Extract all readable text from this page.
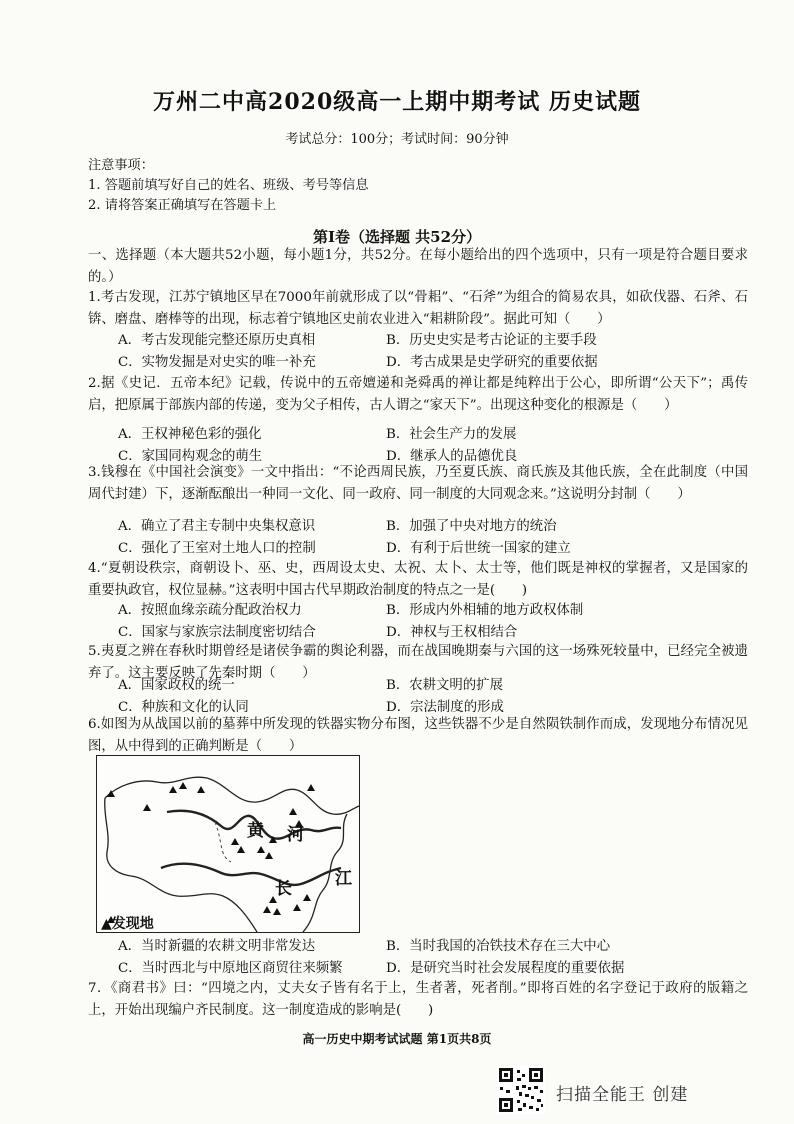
万州二中高2020级高一上期中期考试 历史试题
考试总分：100分；考试时间：90分钟
注意事项：
1. 答题前填写好自己的姓名、班级、考号等信息
2. 请将答案正确填写在答题卡上
第Ⅰ卷（选择题 共52分）
一、选择题（本大题共52小题，每小题1分，共52分。在每小题给出的四个选项中，只有一项是符合题目要求的。）
1.考古发现，江苏宁镇地区早在7000年前就形成了以“骨耜”、“石斧”为组合的简易农具，如砍伐器、石斧、石锛、磨盘、磨棒等的出现，标志着宁镇地区史前农业进入“耜耕阶段”。据此可知（　　）
A．考古发现能完整还原历史真相	B．历史史实是考古论证的主要手段
C．实物发掘是对史实的唯一补充	D．考古成果是史学研究的重要依据
2.据《史记．五帝本纪》记载，传说中的五帝嬗递和尧舜禹的禅让都是纯粹出于公心，即所谓“公天下”；禹传启，把原属于部族内部的传递，变为父子相传，古人谓之“家天下”。出现这种变化的根源是（　　）
A．王权神秘色彩的强化	B．社会生产力的发展
C．家国同构观念的萌生	D．继承人的品德优良
3.钱穆在《中国社会演变》一文中指出：“不论西周民族，乃至夏氏族、商氏族及其他氏族，全在此制度（中国周代封建）下，逐渐酝酿出一种同一文化、同一政府、同一制度的大同观念来。”这说明分封制（　　）
A．确立了君主专制中央集权意识	B．加强了中央对地方的统治
C．强化了王室对土地人口的控制	D．有利于后世统一国家的建立
4.“夏朝设秩宗，商朝设卜、巫、史，西周设太史、太祝、太卜、太士等，他们既是神权的掌握者，又是国家的重要执政官，权位显赫。”这表明中国古代早期政治制度的特点之一是(　　)
A．按照血缘亲疏分配政治权力	B．形成内外相辅的地方政权体制
C．国家与家族宗法制度密切结合	D．神权与王权相结合
5.夷夏之辨在春秋时期曾经是诸侯争霸的舆论利器，而在战国晚期秦与六国的这一场殊死较量中，已经完全被遗弃了。这主要反映了先秦时期（　　）
A．国家政权的统一	B．农耕文明的扩展
C．种族和文化的认同	D．宗法制度的形成
6.如图为从战国以前的墓葬中所发现的铁器实物分布图，这些铁器不少是自然陨铁制作而成，发现地分布情况见图，从中得到的正确判断是（　　）
黄 河
长	江
▲发现地
A．当时新疆的农耕文明非常发达	B．当时我国的冶铁技术存在三大中心
C．当时西北与中原地区商贸往来频繁	D．是研究当时社会发展程度的重要依据
7．《商君书》曰：“四境之内，丈夫女子皆有名于上，生者著，死者削。”即将百姓的名字登记于政府的版籍之上，开始出现编户齐民制度。这一制度造成的影响是(　　)
高一历史中期考试试题 第1页共8页
扫描全能王 创建
